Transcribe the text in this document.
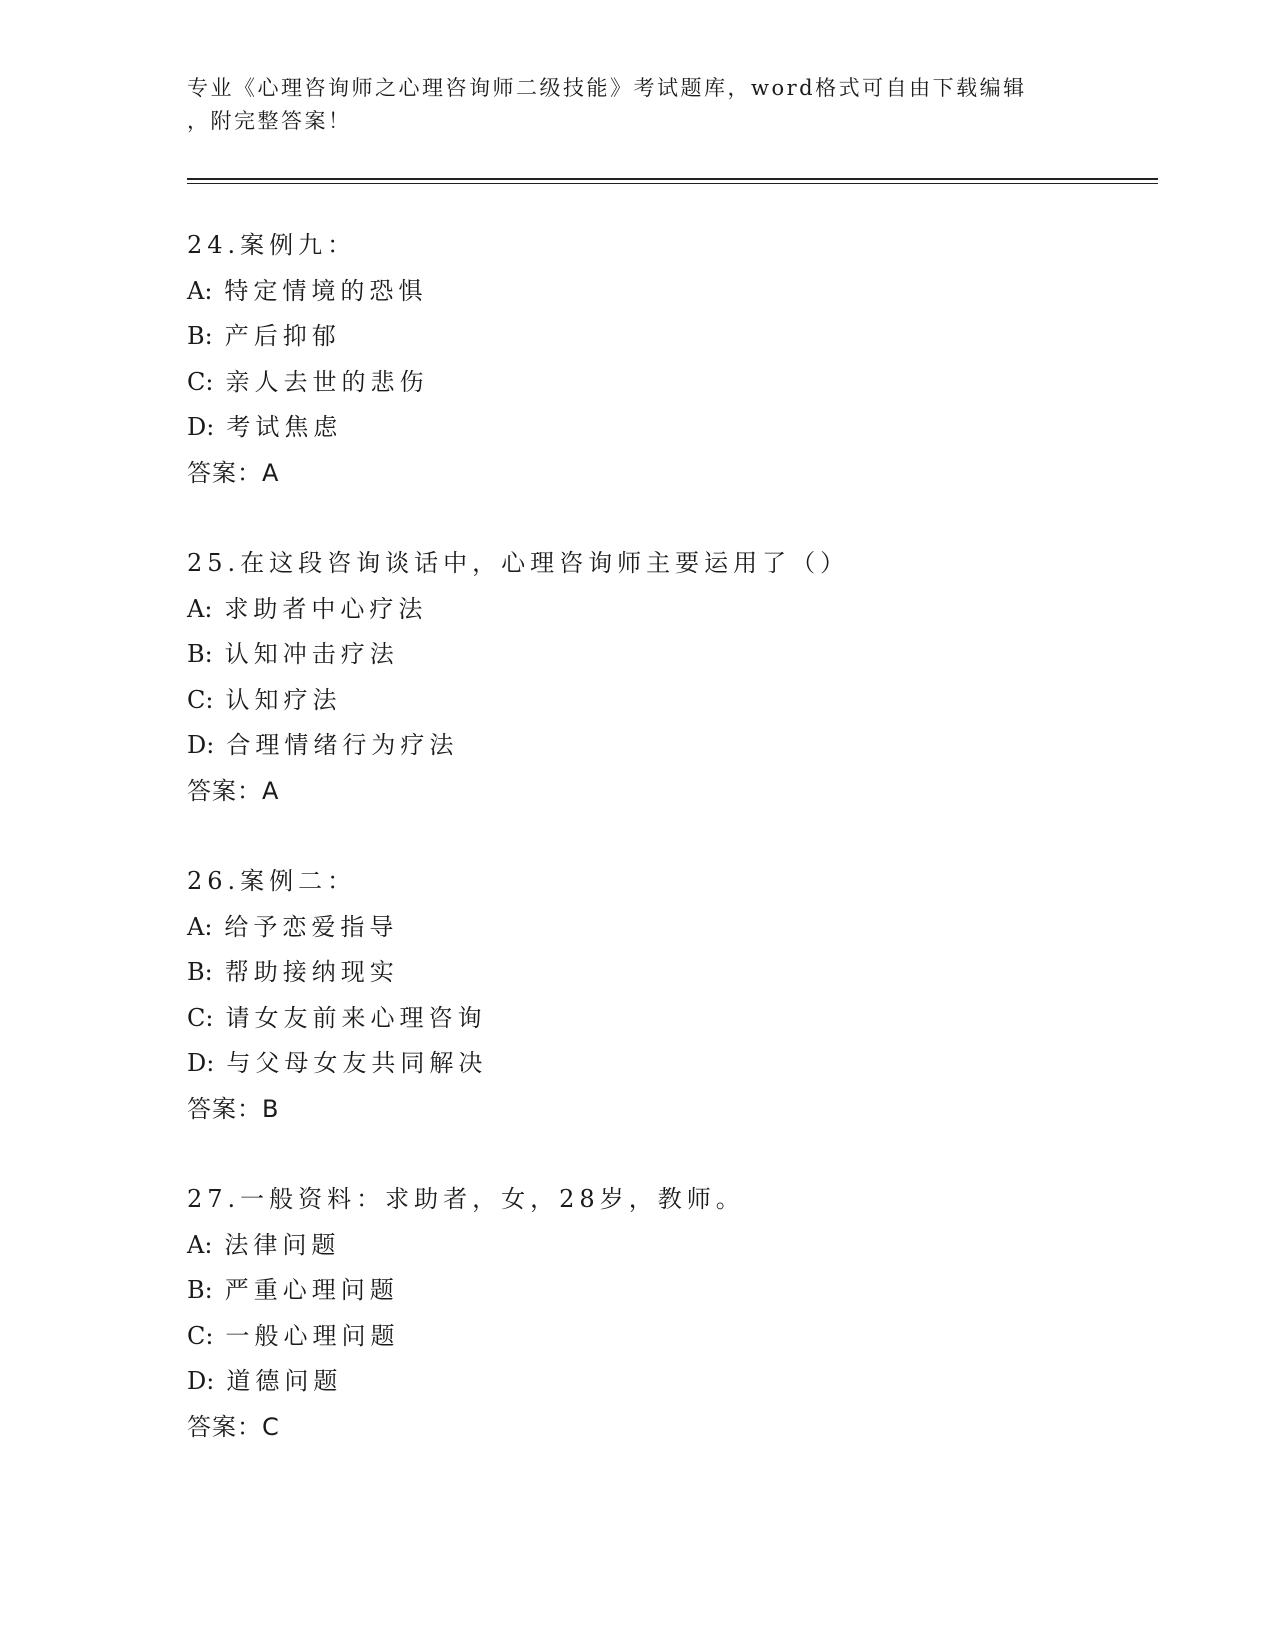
专业《心理咨询师之心理咨询师二级技能》考试题库，word格式可自由下载编辑
，附完整答案！
24.案例九：
A: 特定情境的恐惧
B: 产后抑郁
C: 亲人去世的悲伤
D: 考试焦虑
答案：A
25.在这段咨询谈话中，心理咨询师主要运用了（）
A: 求助者中心疗法
B: 认知冲击疗法
C: 认知疗法
D: 合理情绪行为疗法
答案：A
26.案例二：
A: 给予恋爱指导
B: 帮助接纳现实
C: 请女友前来心理咨询
D: 与父母女友共同解决
答案：B
27.一般资料：求助者，女，28岁，教师。
A: 法律问题
B: 严重心理问题
C: 一般心理问题
D: 道德问题
答案：C
